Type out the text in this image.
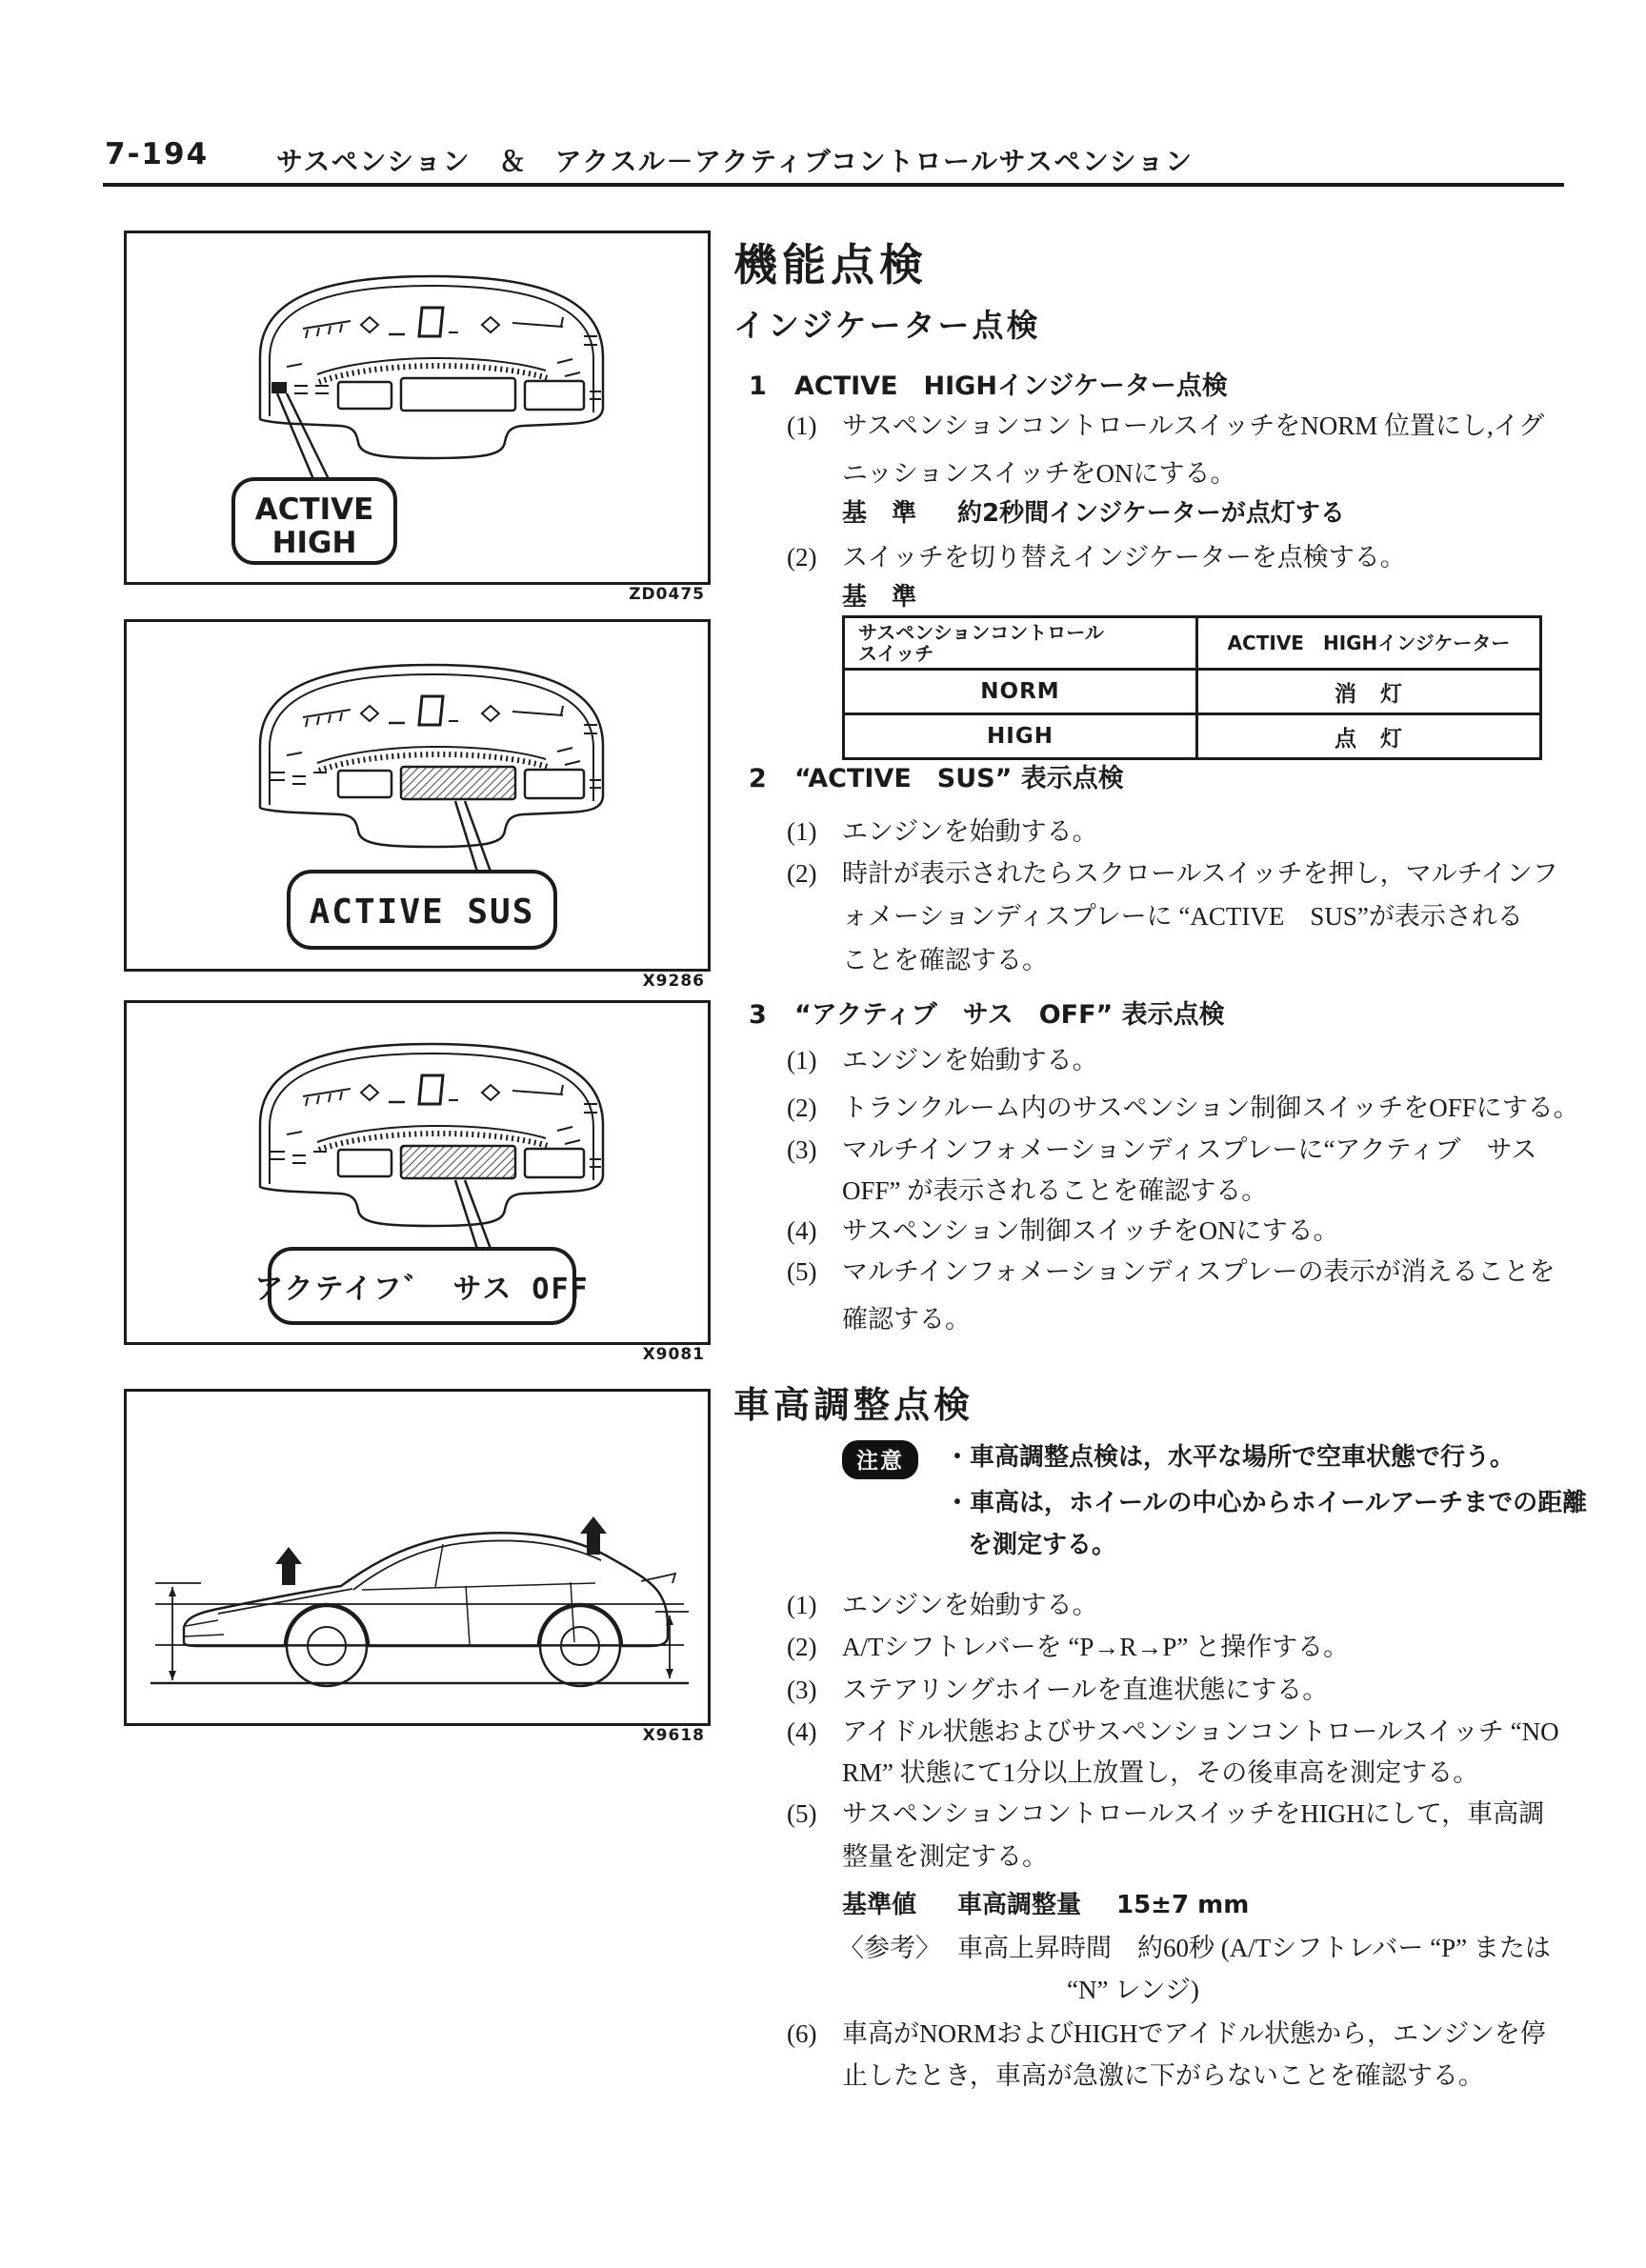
7-194	サスペンション　＆　アクスル－アクティブコントロールサスペンション
ACTIVE
HIGH
ZD0475
ACTIVE SUS
X9286
アクテイフ゛ サス OFF
X9081
X9618
機能点検
インジケーター点検
1 ACTIVE　HIGHインジケーター点検
(1) サスペンションコントロールスイッチをNORM 位置にし,イグ
ニッションスイッチをONにする。
基　準 約2秒間インジケーターが点灯する
(2) スイッチを切り替えインジケーターを点検する。
基　準
サスペンションコントロール
スイッチ	ACTIVE　HIGHインジケーター
NORM	消　灯
HIGH	点　灯
2 “ACTIVE　SUS” 表示点検
(1) エンジンを始動する。
(2) 時計が表示されたらスクロールスイッチを押し，マルチインフ
ォメーションディスプレーに “ACTIVE　SUS”が表示される
ことを確認する。
3 “アクティブ　サス　OFF” 表示点検
(1) エンジンを始動する。
(2) トランクルーム内のサスペンション制御スイッチをOFFにする。
(3) マルチインフォメーションディスプレーに“アクティブ　サス
OFF” が表示されることを確認する。
(4) サスペンション制御スイッチをONにする。
(5) マルチインフォメーションディスプレーの表示が消えることを
確認する。
車高調整点検
注意	・車高調整点検は，水平な場所で空車状態で行う。
・車高は，ホイールの中心からホイールアーチまでの距離
を測定する。
(1) エンジンを始動する。
(2) A/Tシフトレバーを “P→R→P” と操作する。
(3) ステアリングホイールを直進状態にする。
(4) アイドル状態およびサスペンションコントロールスイッチ “NO
RM” 状態にて1分以上放置し，その後車高を測定する。
(5) サスペンションコントロールスイッチをHIGHにして，車高調
整量を測定する。
基準値 車高調整量 15±7 mm
〈参考〉 車高上昇時間　約60秒 (A/Tシフトレバー “P” または
“N” レンジ)
(6) 車高がNORMおよびHIGHでアイドル状態から，エンジンを停
止したとき，車高が急激に下がらないことを確認する。
